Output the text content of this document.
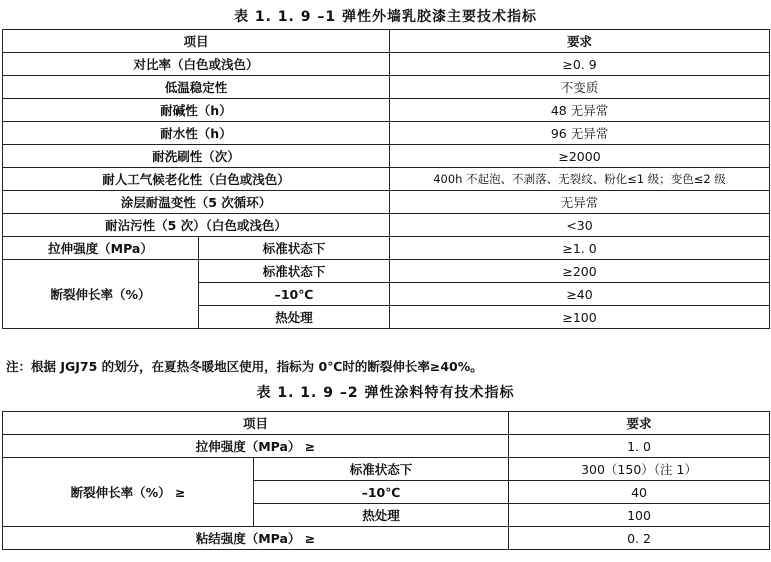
表 1. 1. 9 –1 弹性外墙乳胶漆主要技术指标
项目		要求
对比率（白色或浅色）		≥0. 9
低温稳定性		不变质
耐碱性（h）		48 无异常
耐水性（h）		96 无异常
耐洗刷性（次）		≥2000
耐人工气候老化性（白色或浅色）		400h 不起泡、不剥落、无裂纹、粉化≤1 级；变色≤2 级
涂层耐温变性（5 次循环）		无异常
耐沾污性（5 次）（白色或浅色）		<30
拉伸强度（MPa）	标准状态下	≥1. 0
断裂伸长率（%）	标准状态下	≥200
	–10℃	≥40
	热处理	≥100
注：根据 JGJ75 的划分，在夏热冬暖地区使用，指标为 0℃时的断裂伸长率≥40%。
表 1. 1. 9 –2 弹性涂料特有技术指标
项目		要求
拉伸强度（MPa） ≥		1. 0
断裂伸长率（%） ≥	标准状态下	300（150）（注 1）
	–10℃	40
	热处理	100
粘结强度（MPa） ≥		0. 2
